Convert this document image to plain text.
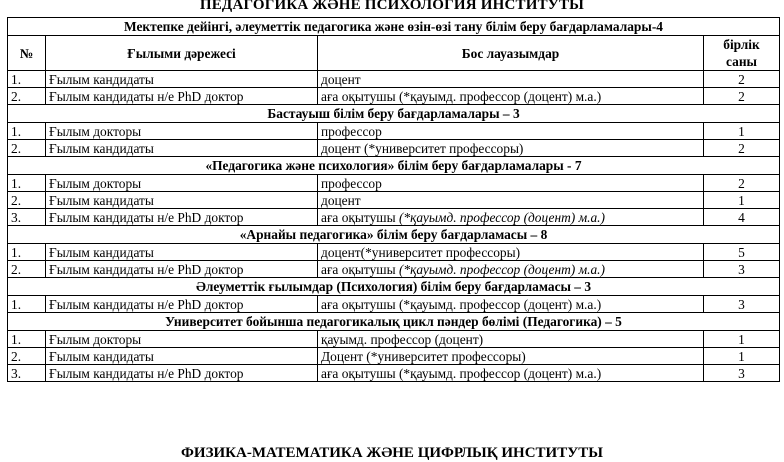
ПЕДАГОГИКА ЖӘНЕ ПСИХОЛОГИЯ ИНСТИТУТЫ
Мектепке дейінгі, әлеуметтік педагогика және өзін-өзі тану білім беру бағдарламалары-4			
№	Ғылыми дәрежесі	Бос лауазымдар	бірлік
саны

1.	Ғылым кандидаты	доцент	2
2.	Ғылым кандидаты н/е PhD доктор	аға оқытушы (*қауымд. профессор (доцент) м.а.)	2
Бастауыш білім беру бағдарламалары – 3			
1.	Ғылым докторы	профессор	1
2.	Ғылым кандидаты	доцент (*университет профессоры)	2
«Педагогика және психология» білім беру бағдарламалары - 7			
1.	Ғылым докторы	профессор	2
2.	Ғылым кандидаты	доцент	1
3.	Ғылым кандидаты н/е PhD доктор	аға оқытушы (*қауымд. профессор (доцент) м.а.)	4
«Арнайы педагогика» білім беру бағдарламасы – 8			
1.	Ғылым кандидаты	доцент(*университет профессоры)	5
2.	Ғылым кандидаты н/е PhD доктор	аға оқытушы (*қауымд. профессор (доцент) м.а.)	3
Әлеуметтік ғылымдар (Психология) білім беру бағдарламасы – 3			
1.	Ғылым кандидаты н/е PhD доктор	аға оқытушы (*қауымд. профессор (доцент) м.а.)	3
Университет бойынша педагогикалық цикл пәндер бөлімі (Педагогика) – 5			
1.	Ғылым докторы	қауымд. профессор (доцент)	1
2.	Ғылым кандидаты	Доцент (*университет профессоры)	1
3.	Ғылым кандидаты н/е PhD доктор	аға оқытушы (*қауымд. профессор (доцент) м.а.)	3
ФИЗИКА-МАТЕМАТИКА ЖӘНЕ ЦИФРЛЫҚ ИНСТИТУТЫ
